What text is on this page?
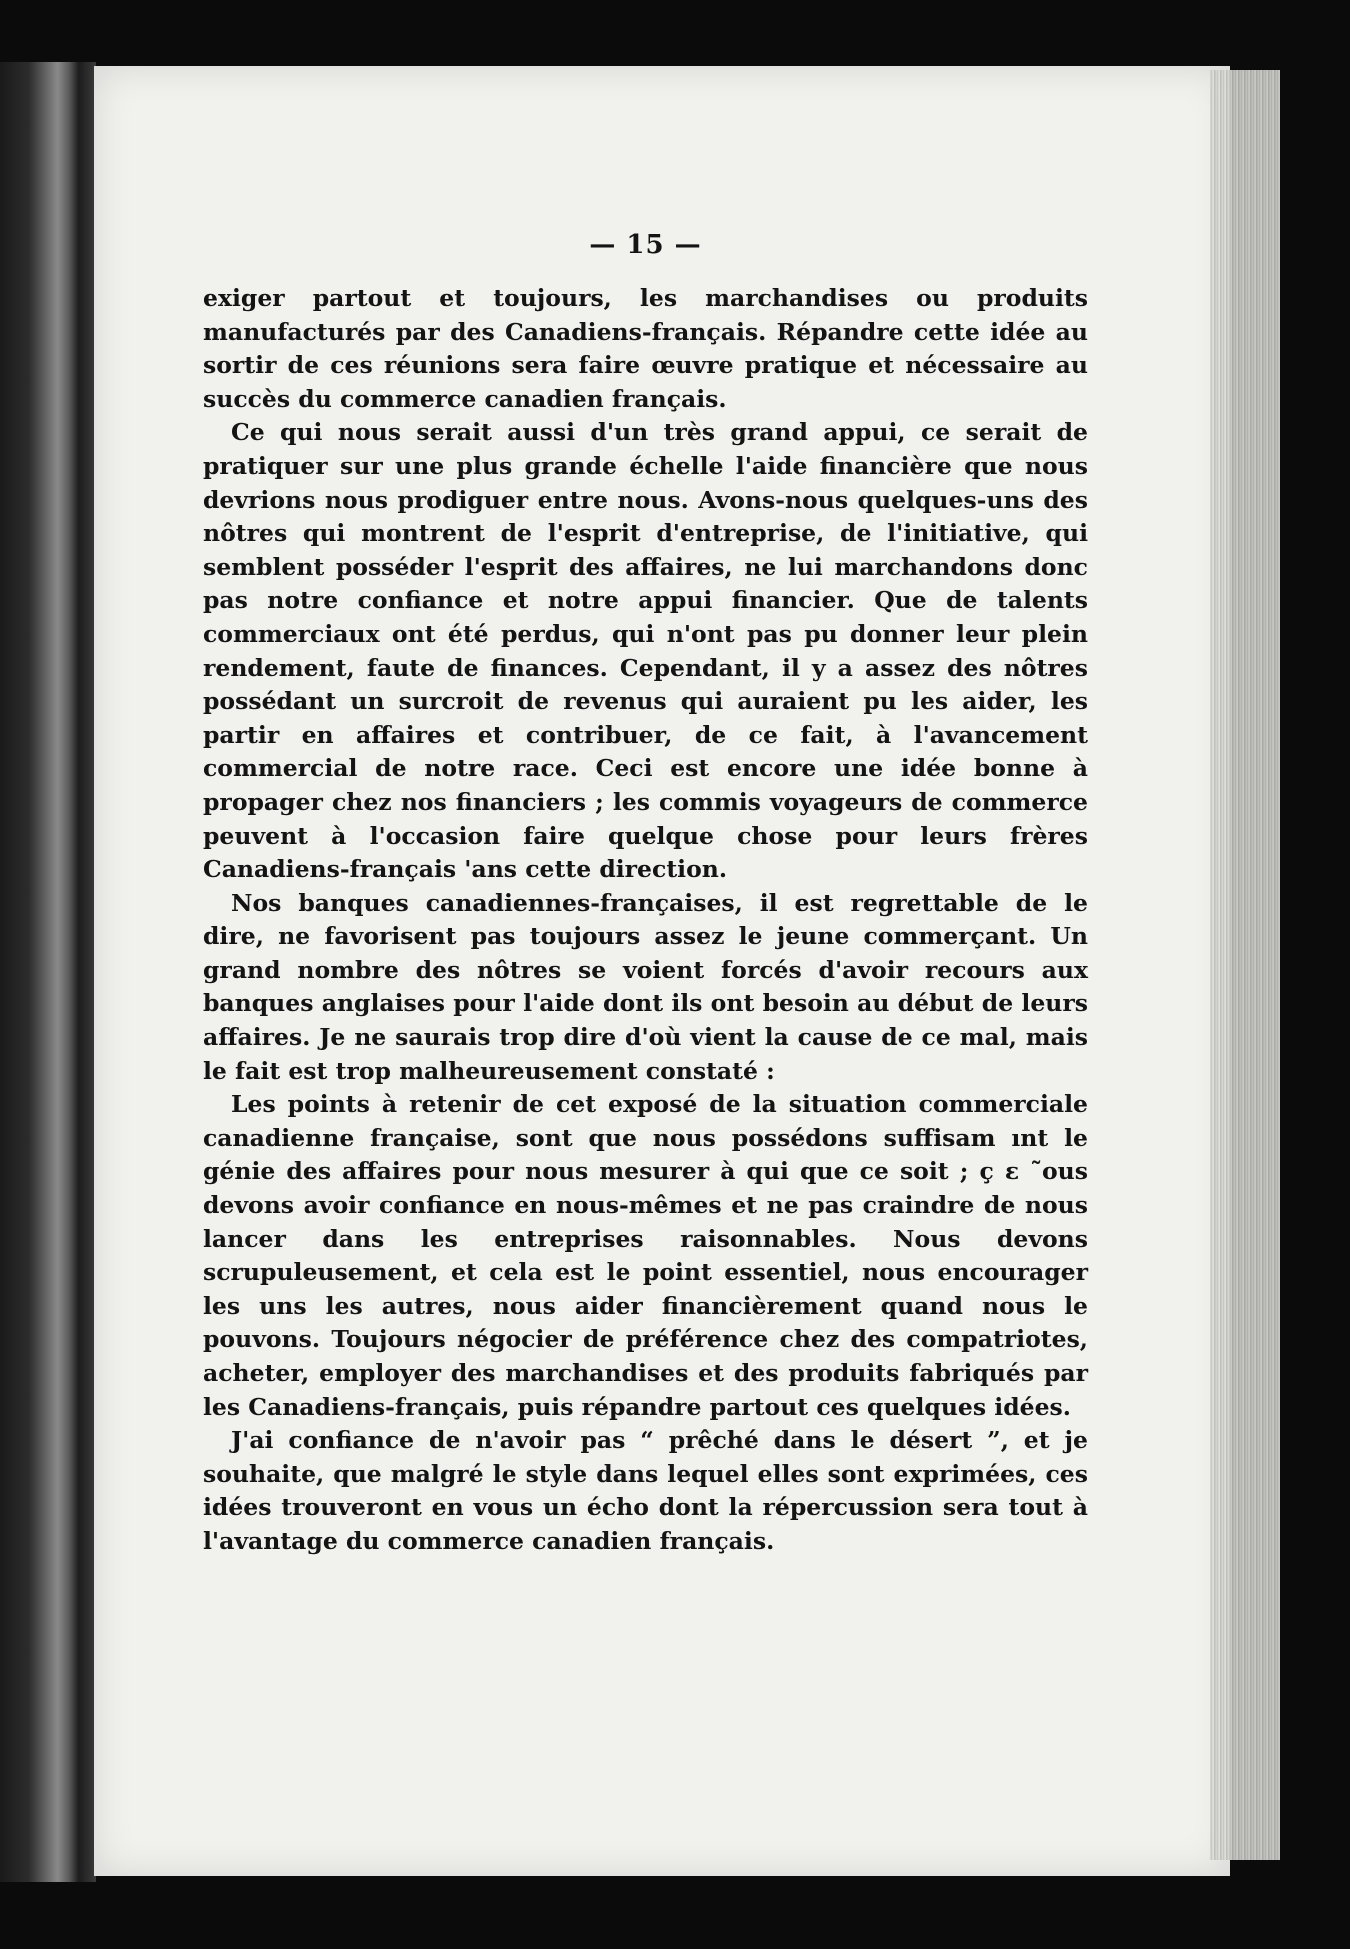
— 15 —

exiger partout et toujours, les marchandises ou produits manufacturés par des Canadiens-français. Répandre cette idée au sortir de ces réunions sera faire œuvre pratique et nécessaire au succès du commerce canadien français.

Ce qui nous serait aussi d'un très grand appui, ce serait de pratiquer sur une plus grande échelle l'aide financière que nous devrions nous prodiguer entre nous. Avons-nous quelques-uns des nôtres qui montrent de l'esprit d'entreprise, de l'initiative, qui semblent posséder l'esprit des affaires, ne lui marchandons donc pas notre confiance et notre appui financier. Que de talents commerciaux ont été perdus, qui n'ont pas pu donner leur plein rendement, faute de finances. Cependant, il y a assez des nôtres possédant un surcroit de revenus qui auraient pu les aider, les partir en affaires et contribuer, de ce fait, à l'avancement commercial de notre race. Ceci est encore une idée bonne à propager chez nos financiers ; les commis voyageurs de commerce peuvent à l'occasion faire quelque chose pour leurs frères Canadiens-français 'ans cette direction.

Nos banques canadiennes-françaises, il est regrettable de le dire, ne favorisent pas toujours assez le jeune commerçant. Un grand nombre des nôtres se voient forcés d'avoir recours aux banques anglaises pour l'aide dont ils ont besoin au début de leurs affaires. Je ne saurais trop dire d'où vient la cause de ce mal, mais le fait est trop malheureusement constaté :

Les points à retenir de cet exposé de la situation commerciale canadienne française, sont que nous possédons suffisam ınt le génie des affaires pour nous mesurer à qui que ce soit ; ç ɛ ˜ous devons avoir confiance en nous-mêmes et ne pas craindre de nous lancer dans les entreprises raisonnables. Nous devons scrupuleusement, et cela est le point essentiel, nous encourager les uns les autres, nous aider financièrement quand nous le pouvons. Toujours négocier de préférence chez des compatriotes, acheter, employer des marchandises et des produits fabriqués par les Canadiens-français, puis répandre partout ces quelques idées.

J'ai confiance de n'avoir pas “ prêché dans le désert ”, et je souhaite, que malgré le style dans lequel elles sont exprimées, ces idées trouveront en vous un écho dont la répercussion sera tout à l'avantage du commerce canadien français.
